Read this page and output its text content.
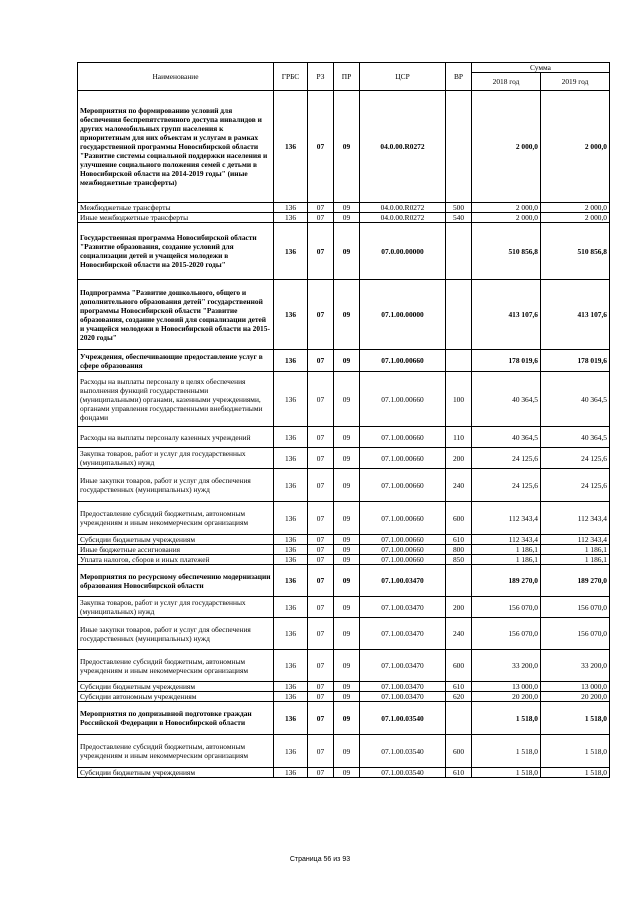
Наименование	ГРБС	РЗ	ПР	ЦСР	ВР	Сумма	
						2018 год	2019 год
Мероприятия по формированию условий для обеспечения беспрепятственного доступа инвалидов и других маломобильных групп населения к приоритетным для них объектам и услугам в рамках государственной программы Новосибирской области "Развитие системы социальной поддержки населения и улучшение социального положения семей с детьми в Новосибирской области на 2014-2019 годы" (иные межбюджетные трансферты)	136	07	09	04.0.00.R0272		2 000,0	2 000,0
Межбюджетные трансферты	136	07	09	04.0.00.R0272	500	2 000,0	2 000,0
Иные межбюджетные трансферты	136	07	09	04.0.00.R0272	540	2 000,0	2 000,0
Государственная программа Новосибирской области "Развитие образования, создание условий для социализации детей и учащейся молодежи в Новосибирской области на 2015-2020 годы"	136	07	09	07.0.00.00000		510 856,8	510 856,8
Подпрограмма "Развитие дошкольного, общего и дополнительного образования детей" государственной программы Новосибирской области "Развитие образования, создание условий для социализации детей и учащейся молодежи в Новосибирской области на 2015-2020 годы"	136	07	09	07.1.00.00000		413 107,6	413 107,6
Учреждения, обеспечивающие предоставление услуг в сфере образования	136	07	09	07.1.00.00660		178 019,6	178 019,6
Расходы на выплаты персоналу в целях обеспечения выполнения функций государственными (муниципальными) органами, казенными учреждениями, органами управления государственными внебюджетными фондами	136	07	09	07.1.00.00660	100	40 364,5	40 364,5
Расходы на выплаты персоналу казенных учреждений	136	07	09	07.1.00.00660	110	40 364,5	40 364,5
Закупка товаров, работ и услуг для государственных (муниципальных) нужд	136	07	09	07.1.00.00660	200	24 125,6	24 125,6
Иные закупки товаров, работ и услуг для обеспечения государственных (муниципальных) нужд	136	07	09	07.1.00.00660	240	24 125,6	24 125,6
Предоставление субсидий бюджетным, автономным учреждениям и иным некоммерческим организациям	136	07	09	07.1.00.00660	600	112 343,4	112 343,4
Субсидии бюджетным учреждениям	136	07	09	07.1.00.00660	610	112 343,4	112 343,4
Иные бюджетные ассигнования	136	07	09	07.1.00.00660	800	1 186,1	1 186,1
Уплата налогов, сборов и иных платежей	136	07	09	07.1.00.00660	850	1 186,1	1 186,1
Мероприятия по ресурсному обеспечению модернизации образования Новосибирской области	136	07	09	07.1.00.03470		189 270,0	189 270,0
Закупка товаров, работ и услуг для государственных (муниципальных) нужд	136	07	09	07.1.00.03470	200	156 070,0	156 070,0
Иные закупки товаров, работ и услуг для обеспечения государственных (муниципальных) нужд	136	07	09	07.1.00.03470	240	156 070,0	156 070,0
Предоставление субсидий бюджетным, автономным учреждениям и иным некоммерческим организациям	136	07	09	07.1.00.03470	600	33 200,0	33 200,0
Субсидии бюджетным учреждениям	136	07	09	07.1.00.03470	610	13 000,0	13 000,0
Субсидии автономным учреждениям	136	07	09	07.1.00.03470	620	20 200,0	20 200,0
Мероприятия по допризывной подготовке граждан Российской Федерации в Новосибирской области	136	07	09	07.1.00.03540		1 518,0	1 518,0
Предоставление субсидий бюджетным, автономным учреждениям и иным некоммерческим организациям	136	07	09	07.1.00.03540	600	1 518,0	1 518,0
Субсидии бюджетным учреждениям	136	07	09	07.1.00.03540	610	1 518,0	1 518,0
Страница 56 из 93
